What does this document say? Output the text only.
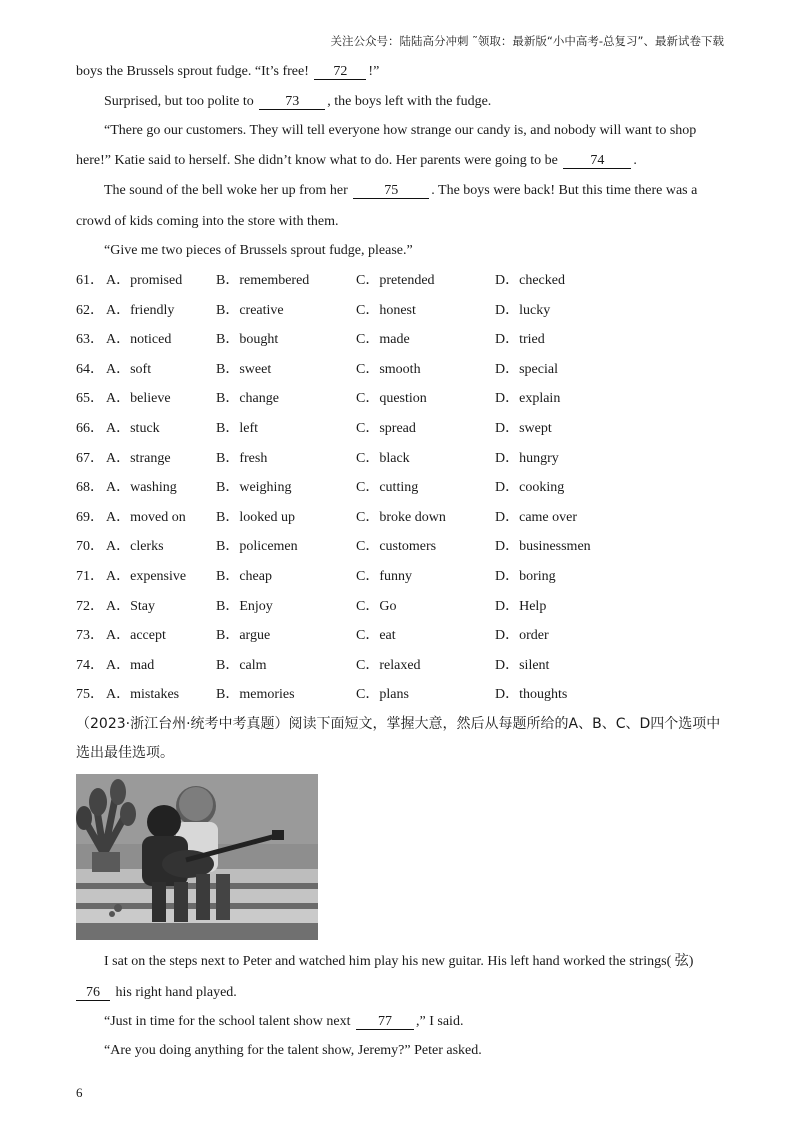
关注公众号：陆陆高分冲刺 ˜领取：最新版“小中高考-总复习”、最新试卷下载
boys the Brussels sprout fudge. “It’s free! 72 !”
Surprised, but too polite to 73 , the boys left with the fudge.
“There go our customers. They will tell everyone how strange our candy is, and nobody will want to shop
here!” Katie said to herself. She didn’t know what to do. Her parents were going to be 74 .
The sound of the bell woke her up from her 75 . The boys were back! But this time there was a
crowd of kids coming into the store with them.
“Give me two pieces of Brussels sprout fudge, please.”
61． A．promised B．remembered	C．pretended	D．checked
62． A．friendly	B．creative	C．honest	D．lucky
63． A．noticed	B．bought	C．made	D．tried
64． A．soft	B．sweet	C．smooth	D．special
65． A．believe	B．change	C．question	D．explain
66． A．stuck	B．left	C．spread	D．swept
67． A．strange	B．fresh	C．black	D．hungry
68． A．washing	B．weighing	C．cutting	D．cooking
69． A．moved on B．looked up	C．broke down	D．came over
70． A．clerks	B．policemen	C．customers	D．businessmen
71． A．expensive B．cheap	C．funny	D．boring
72． A．Stay	B．Enjoy	C．Go	D．Help
73． A．accept	B．argue	C．eat	D．order
74． A．mad	B．calm	C．relaxed	D．silent
75． A．mistakes	B．memories	C．plans	D．thoughts
（2023·浙江台州·统考中考真题）阅读下面短文，掌握大意，然后从每题所给的A、B、C、D四个选项中
选出最佳选项。
I sat on the steps next to Peter and watched him play his new guitar. His left hand worked the strings( 弦)
76 his right hand played.
“Just in time for the school talent show next 77 ,” I said.
“Are you doing anything for the talent show, Jeremy?” Peter asked.
6
